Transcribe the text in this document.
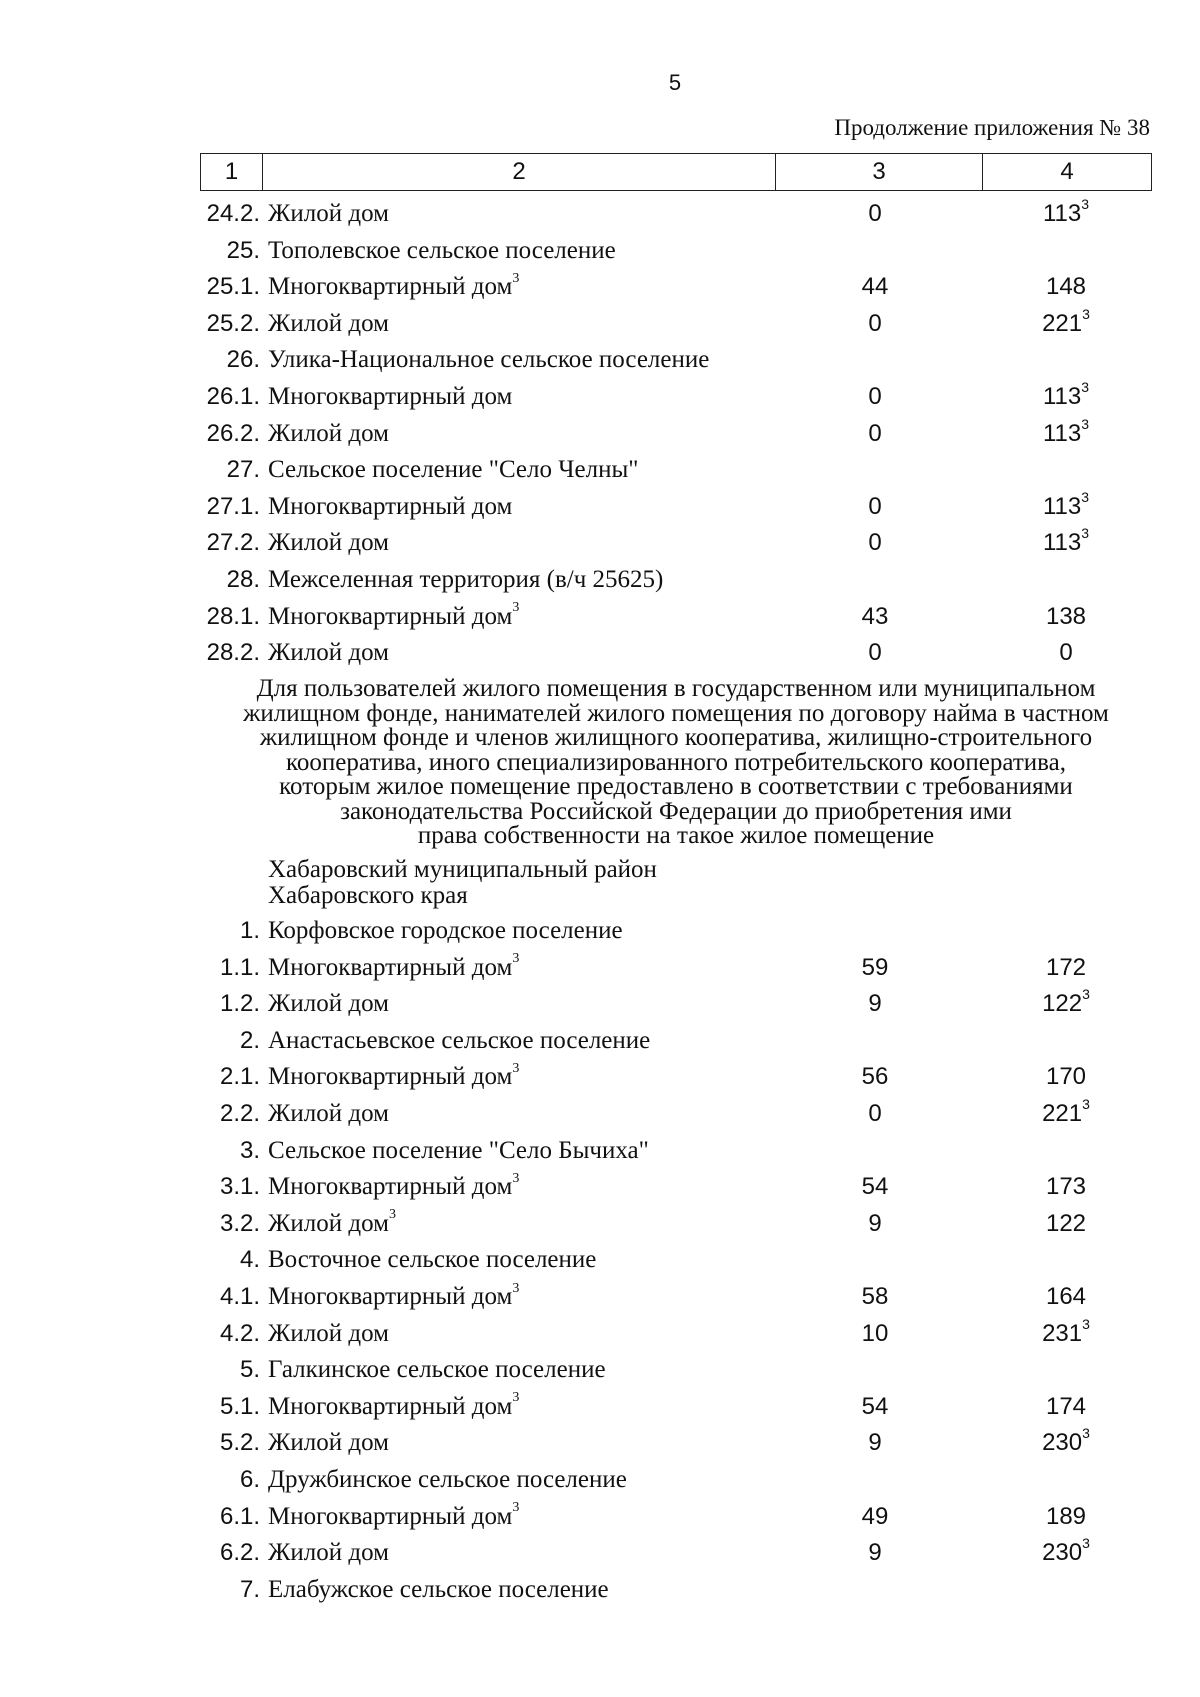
5
Продолжение приложения № 38
1	2	3	4
24.2. Жилой дом	0	$113^3$
25. Тополевское сельское поселение
25.1. Многоквартирный дом$^3$	44	148
25.2. Жилой дом	0	$221^3$
26. Улика-Национальное сельское поселение
26.1. Многоквартирный дом	0	$113^3$
26.2. Жилой дом	0	$113^3$
27. Сельское поселение "Село Челны"
27.1. Многоквартирный дом	0	$113^3$
27.2. Жилой дом	0	$113^3$
28. Межселенная территория (в/ч 25625)
28.1. Многоквартирный дом$^3$	43	138
28.2. Жилой дом	0	0
Для пользователей жилого помещения в государственном или муниципальном
жилищном фонде, нанимателей жилого помещения по договору найма в частном
жилищном фонде и членов жилищного кооператива, жилищно-строительного
кооператива, иного специализированного потребительского кооператива,
которым жилое помещение предоставлено в соответствии с требованиями
законодательства Российской Федерации до приобретения ими
права собственности на такое жилое помещение
Хабаровский муниципальный район
Хабаровского края
1. Корфовское городское поселение
1.1. Многоквартирный дом$^3$	59	172
1.2. Жилой дом	9	$122^3$
2. Анастасьевское сельское поселение
2.1. Многоквартирный дом$^3$	56	170
2.2. Жилой дом	0	$221^3$
3. Сельское поселение "Село Бычиха"
3.1. Многоквартирный дом$^3$	54	173
3.2. Жилой дом$^3$	9	122
4. Восточное сельское поселение
4.1. Многоквартирный дом$^3$	58	164
4.2. Жилой дом	10	$231^3$
5. Галкинское сельское поселение
5.1. Многоквартирный дом$^3$	54	174
5.2. Жилой дом	9	$230^3$
6. Дружбинское сельское поселение
6.1. Многоквартирный дом$^3$	49	189
6.2. Жилой дом	9	$230^3$
7. Елабужское сельское поселение
